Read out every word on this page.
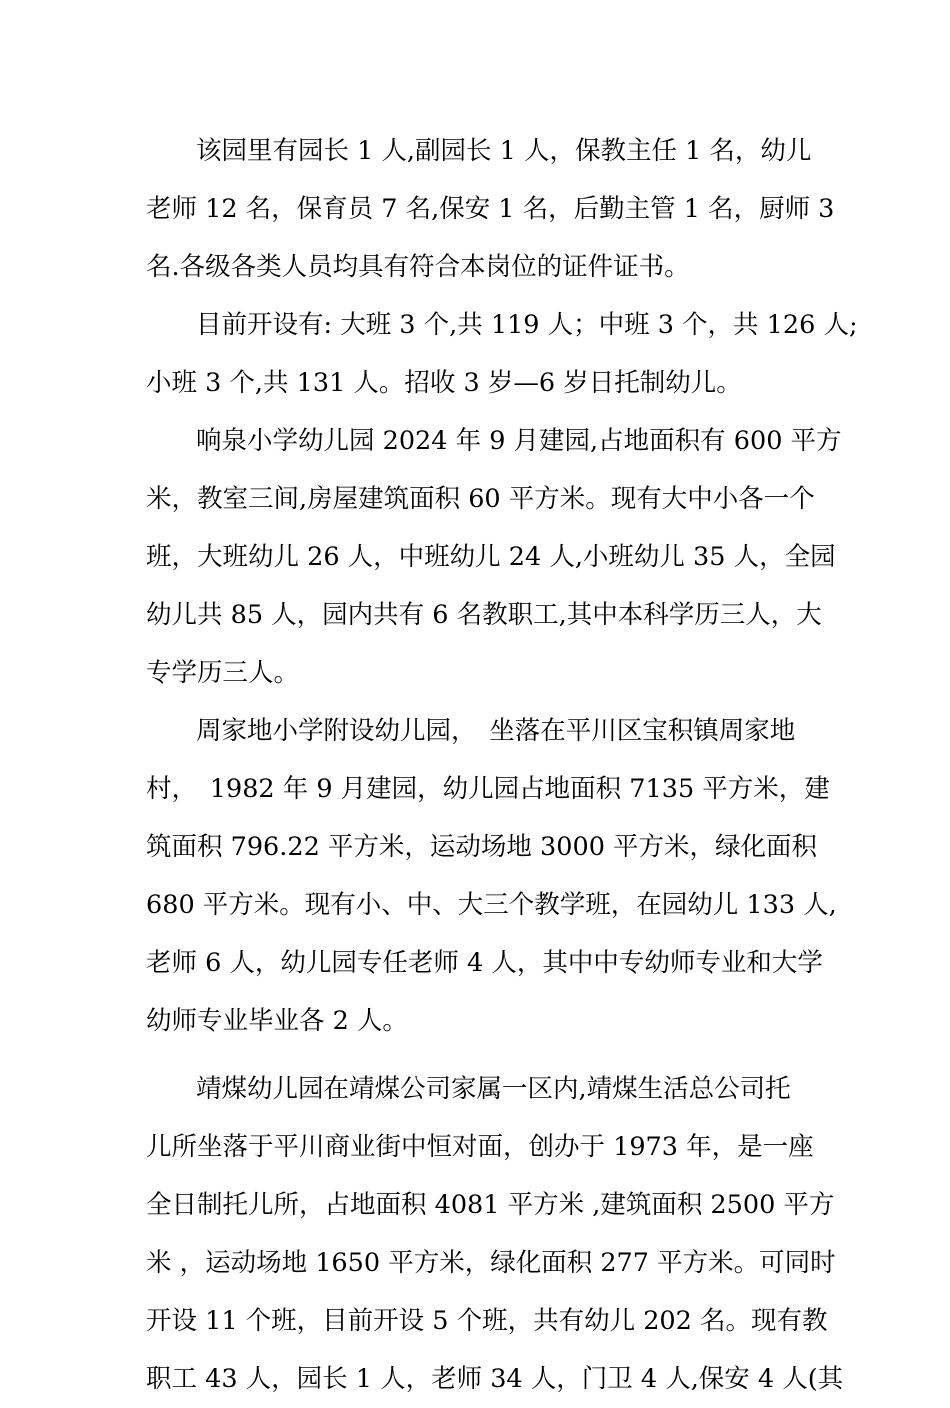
该园里有园长 1 人,副园长 1 人，保教主任 1 名，幼儿
老师 12 名，保育员 7 名,保安 1 名，后勤主管 1 名，厨师 3
名.各级各类人员均具有符合本岗位的证件证书。
目前开设有: 大班 3 个,共 119 人；中班 3 个，共 126 人;
小班 3 个,共 131 人。招收 3 岁—6 岁日托制幼儿。
响泉小学幼儿园 2024 年 9 月建园,占地面积有 600 平方
米，教室三间,房屋建筑面积 60 平方米。现有大中小各一个
班，大班幼儿 26 人，中班幼儿 24 人,小班幼儿 35 人，全园
幼儿共 85 人，园内共有 6 名教职工,其中本科学历三人，大
专学历三人。
周家地小学附设幼儿园，　坐落在平川区宝积镇周家地
村，　1982 年 9 月建园，幼儿园占地面积 7135 平方米，建
筑面积 796.22 平方米，运动场地 3000 平方米，绿化面积
680 平方米。现有小、中、大三个教学班，在园幼儿 133 人,
老师 6 人，幼儿园专任老师 4 人，其中中专幼师专业和大学
幼师专业毕业各 2 人。
靖煤幼儿园在靖煤公司家属一区内,靖煤生活总公司托
儿所坐落于平川商业街中恒对面，创办于 1973 年，是一座
全日制托儿所，占地面积 4081 平方米 ,建筑面积 2500 平方
米 ，运动场地 1650 平方米，绿化面积 277 平方米。可同时
开设 11 个班，目前开设 5 个班，共有幼儿 202 名。现有教
职工 43 人，园长 1 人，老师 34 人，门卫 4 人,保安 4 人(其
